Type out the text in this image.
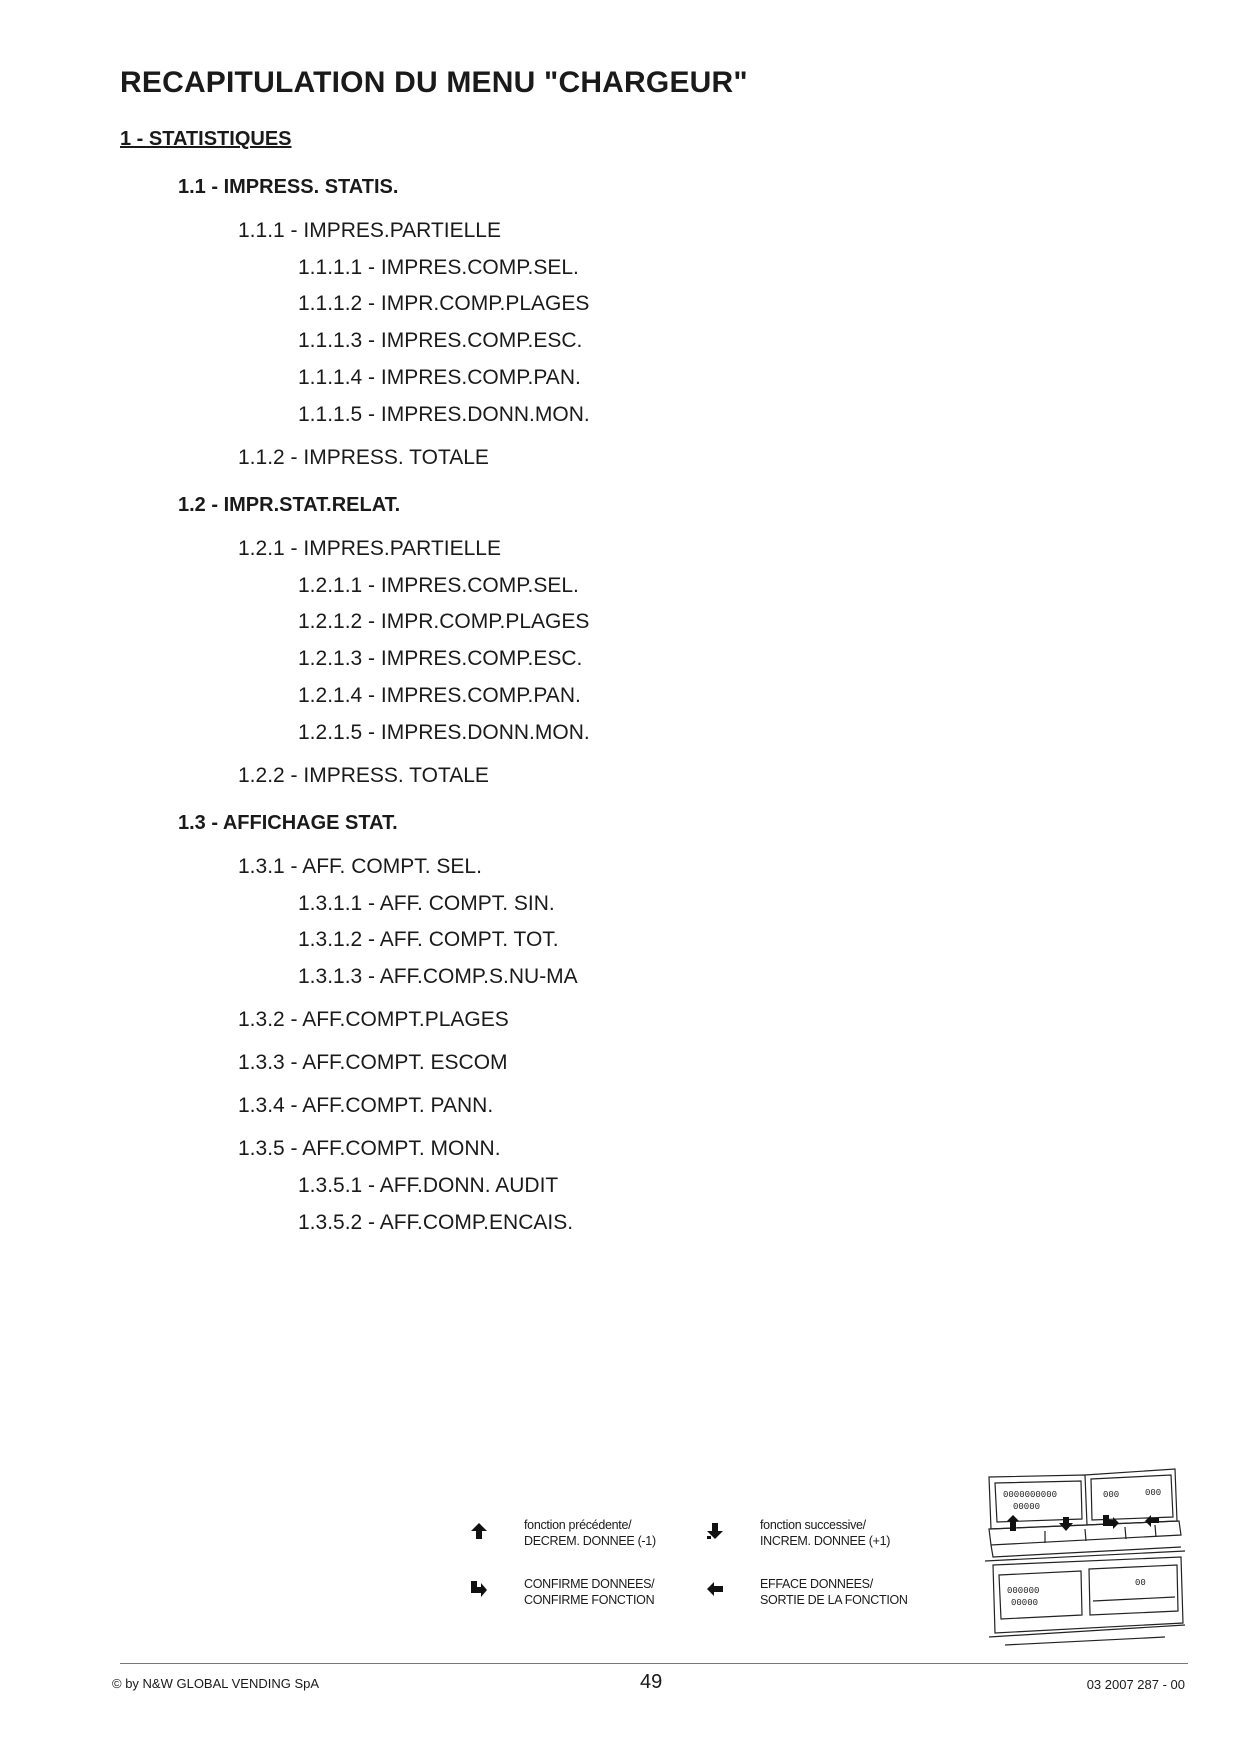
RECAPITULATION DU MENU "CHARGEUR"
1 - STATISTIQUES
1.1 - IMPRESS. STATIS.
1.1.1 - IMPRES.PARTIELLE
1.1.1.1 - IMPRES.COMP.SEL.
1.1.1.2 - IMPR.COMP.PLAGES
1.1.1.3 - IMPRES.COMP.ESC.
1.1.1.4 - IMPRES.COMP.PAN.
1.1.1.5 - IMPRES.DONN.MON.
1.1.2 - IMPRESS. TOTALE
1.2 - IMPR.STAT.RELAT.
1.2.1 - IMPRES.PARTIELLE
1.2.1.1 - IMPRES.COMP.SEL.
1.2.1.2 - IMPR.COMP.PLAGES
1.2.1.3 - IMPRES.COMP.ESC.
1.2.1.4 - IMPRES.COMP.PAN.
1.2.1.5 - IMPRES.DONN.MON.
1.2.2 - IMPRESS. TOTALE
1.3 - AFFICHAGE STAT.
1.3.1 - AFF. COMPT. SEL.
1.3.1.1 - AFF. COMPT. SIN.
1.3.1.2 - AFF. COMPT. TOT.
1.3.1.3 - AFF.COMP.S.NU-MA
1.3.2 - AFF.COMPT.PLAGES
1.3.3 - AFF.COMPT. ESCOM
1.3.4 - AFF.COMPT. PANN.
1.3.5 - AFF.COMPT. MONN.
1.3.5.1 - AFF.DONN. AUDIT
1.3.5.2 - AFF.COMP.ENCAIS.
fonction précédente/
DECREM. DONNEE (-1)
fonction successive/
INCREM. DONNEE (+1)
CONFIRME DONNEES/
CONFIRME FONCTION
EFFACE DONNEES/
SORTIE DE LA FONCTION
0000000000
00000
000	000
000000
00000
00
© by N&W GLOBAL VENDING SpA	49	03 2007 287 - 00
